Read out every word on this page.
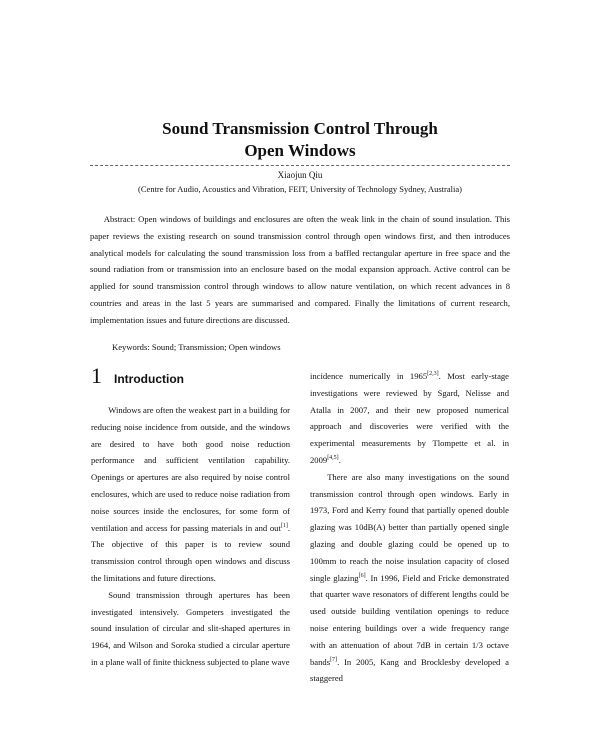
Sound Transmission Control Through
Open Windows
Xiaojun Qiu
(Centre for Audio, Acoustics and Vibration, FEIT, University of Technology Sydney, Australia)

Abstract: Open windows of buildings and enclosures are often the weak link in the chain of sound insulation. This paper reviews the existing research on sound transmission control through open windows first, and then introduces analytical models for calculating the sound transmission loss from a baffled rectangular aperture in free space and the sound radiation from or transmission into an enclosure based on the modal expansion approach. Active control can be applied for sound transmission control through windows to allow nature ventilation, on which recent advances in 8 countries and areas in the last 5 years are summarised and compared. Finally the limitations of current research, implementation issues and future directions are discussed.

Keywords: Sound; Transmission; Open windows
1 Introduction

Windows are often the weakest part in a building for reducing noise incidence from outside, and the windows are desired to have both good noise reduction performance and sufficient ventilation capability. Openings or apertures are also required by noise control enclosures, which are used to reduce noise radiation from noise sources inside the enclosures, for some form of ventilation and access for passing materials in and out[1]. The objective of this paper is to review sound transmission control through open windows and discuss the limitations and future directions.

Sound transmission through apertures has been investigated intensively. Gompeters investigated the sound insulation of circular and slit-shaped apertures in 1964, and Wilson and Soroka studied a circular aperture in a plane wall of finite thickness subjected to plane wave

incidence numerically in 1965[2,3]. Most early-stage investigations were reviewed by Sgard, Nelisse and Atalla in 2007, and their new proposed numerical approach and discoveries were verified with the experimental measurements by Tlompette et al. in 2009[4,5].

There are also many investigations on the sound transmission control through open windows. Early in 1973, Ford and Kerry found that partially opened double glazing was 10dB(A) better than partially opened single glazing and double glazing could be opened up to 100mm to reach the noise insulation capacity of closed single glazing[6]. In 1996, Field and Fricke demonstrated that quarter wave resonators of different lengths could be used outside building ventilation openings to reduce noise entering buildings over a wide frequency range with an attenuation of about 7dB in certain 1/3 octave bands[7]. In 2005, Kang and Brocklesby developed a staggered
